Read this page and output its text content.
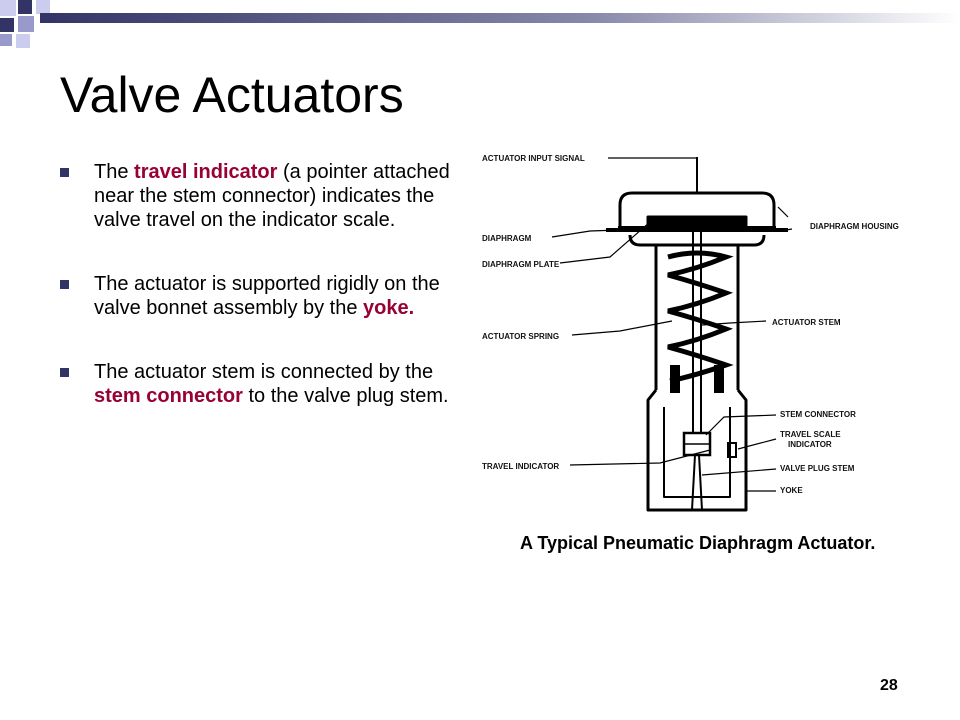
Valve Actuators
The travel indicator (a pointer attached near the stem connector) indicates the valve travel on the indicator scale.
The actuator is supported rigidly on the valve bonnet assembly by the yoke.
The actuator stem is connected by the stem connector to the valve plug stem.
ACTUATOR INPUT SIGNAL
DIAPHRAGM HOUSING
DIAPHRAGM
DIAPHRAGM PLATE
ACTUATOR SPRING
ACTUATOR STEM
STEM CONNECTOR
TRAVEL SCALE
INDICATOR
TRAVEL INDICATOR	VALVE PLUG STEM
YOKE

A Typical Pneumatic Diaphragm Actuator.

28
